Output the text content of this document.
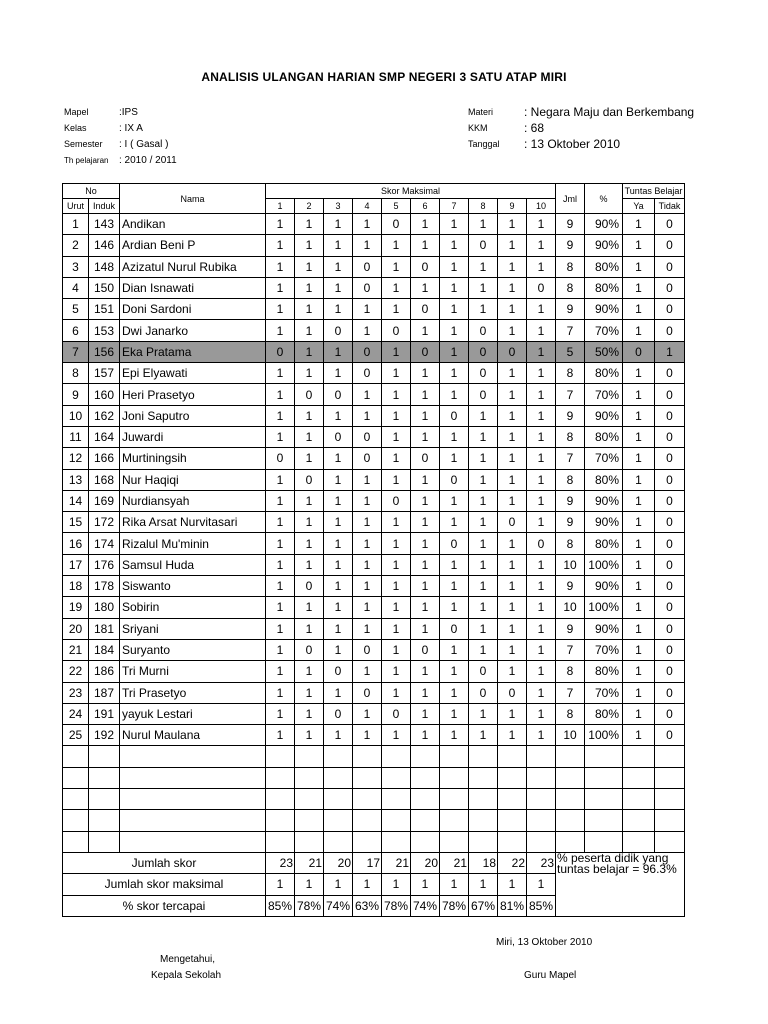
ANALISIS ULANGAN HARIAN SMP NEGERI 3 SATU ATAP MIRI
Mapel	:IPS
Kelas	: IX A
Semester	: I ( Gasal )
Th pelajaran	: 2010 / 2011
Materi	: Negara Maju dan Berkembang
KKM	: 68
Tanggal	: 13 Oktober 2010
No		Nama	Skor Maksimal										Jml	%	Tuntas Belajar	
Urut	Induk		1	2	3	4	5	6	7	8	9	10			Ya	Tidak
1	143	Andikan	1	1	1	1	0	1	1	1	1	1	9	90%	1	0
2	146	Ardian Beni P	1	1	1	1	1	1	1	0	1	1	9	90%	1	0
3	148	Azizatul Nurul Rubika	1	1	1	0	1	0	1	1	1	1	8	80%	1	0
4	150	Dian Isnawati	1	1	1	0	1	1	1	1	1	0	8	80%	1	0
5	151	Doni Sardoni	1	1	1	1	1	0	1	1	1	1	9	90%	1	0
6	153	Dwi Janarko	1	1	0	1	0	1	1	0	1	1	7	70%	1	0
7	156	Eka Pratama	0	1	1	0	1	0	1	0	0	1	5	50%	0	1
8	157	Epi Elyawati	1	1	1	0	1	1	1	0	1	1	8	80%	1	0
9	160	Heri Prasetyo	1	0	0	1	1	1	1	0	1	1	7	70%	1	0
10	162	Joni Saputro	1	1	1	1	1	1	0	1	1	1	9	90%	1	0
11	164	Juwardi	1	1	0	0	1	1	1	1	1	1	8	80%	1	0
12	166	Murtiningsih	0	1	1	0	1	0	1	1	1	1	7	70%	1	0
13	168	Nur Haqiqi	1	0	1	1	1	1	0	1	1	1	8	80%	1	0
14	169	Nurdiansyah	1	1	1	1	0	1	1	1	1	1	9	90%	1	0
15	172	Rika Arsat Nurvitasari	1	1	1	1	1	1	1	1	0	1	9	90%	1	0
16	174	Rizalul Mu'minin	1	1	1	1	1	1	0	1	1	0	8	80%	1	0
17	176	Samsul Huda	1	1	1	1	1	1	1	1	1	1	10	100%	1	0
18	178	Siswanto	1	0	1	1	1	1	1	1	1	1	9	90%	1	0
19	180	Sobirin	1	1	1	1	1	1	1	1	1	1	10	100%	1	0
20	181	Sriyani	1	1	1	1	1	1	0	1	1	1	9	90%	1	0
21	184	Suryanto	1	0	1	0	1	0	1	1	1	1	7	70%	1	0
22	186	Tri Murni	1	1	0	1	1	1	1	0	1	1	8	80%	1	0
23	187	Tri Prasetyo	1	1	1	0	1	1	1	0	0	1	7	70%	1	0
24	191	yayuk Lestari	1	1	0	1	0	1	1	1	1	1	8	80%	1	0
25	192	Nurul Maulana	1	1	1	1	1	1	1	1	1	1	10	100%	1	0

Jumlah skor			23	21	20	17	21	20	21	18	22	23	% peserta didik yang tuntas belajar = 96.3%			
Jumlah skor maksimal			1	1	1	1	1	1	1	1	1	1				
% skor tercapai			85%	78%	74%	63%	78%	74%	78%	67%	81%	85%				
Miri, 13 Oktober 2010
Mengetahui,
Kepala Sekolah	Guru Mapel
